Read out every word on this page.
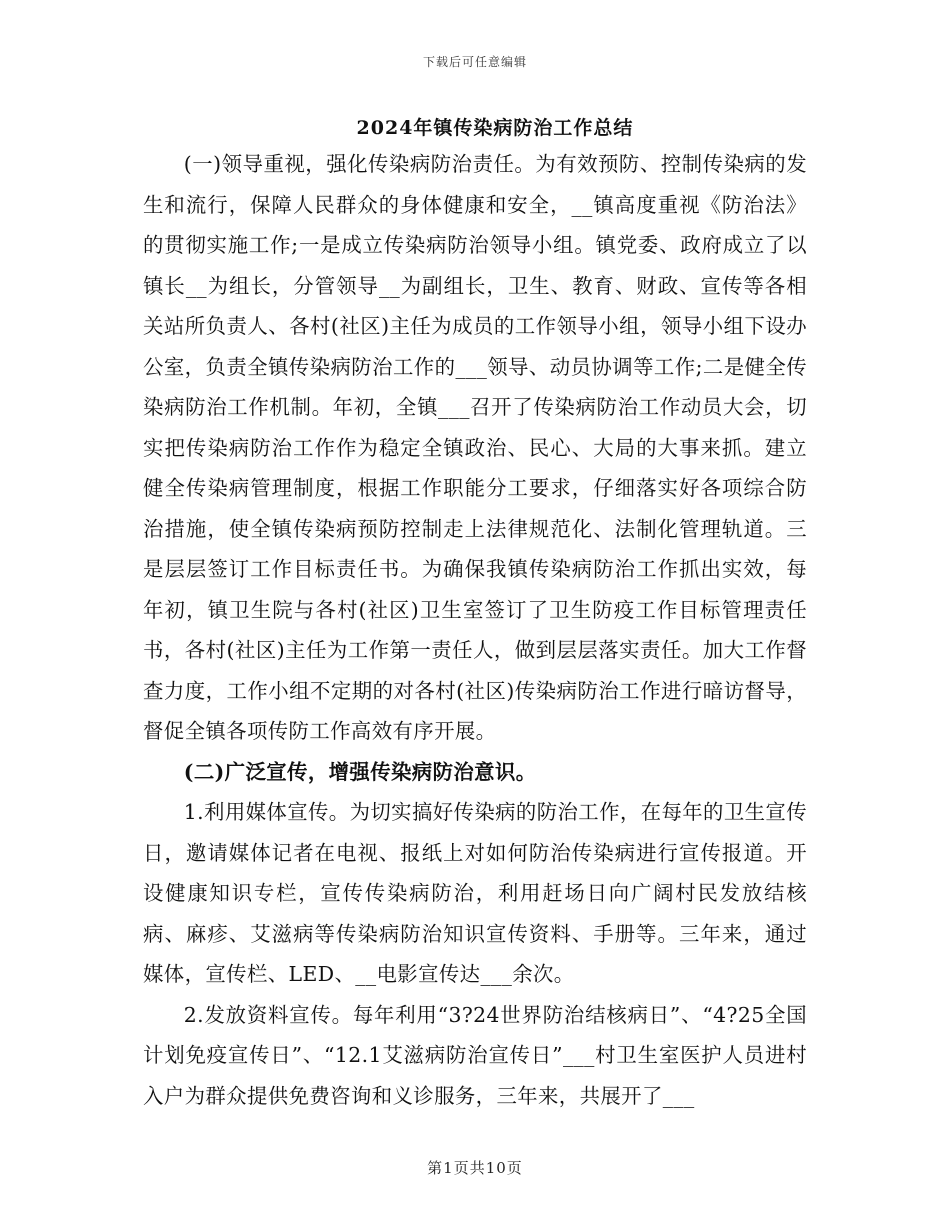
下载后可任意编辑
2024年镇传染病防治工作总结

(一)领导重视，强化传染病防治责任。为有效预防、控制传染病的发生和流行，保障人民群众的身体健康和安全，__镇高度重视《防治法》的贯彻实施工作;一是成立传染病防治领导小组。镇党委、政府成立了以镇长__为组长，分管领导__为副组长，卫生、教育、财政、宣传等各相关站所负责人、各村(社区)主任为成员的工作领导小组，领导小组下设办公室，负责全镇传染病防治工作的___领导、动员协调等工作;二是健全传染病防治工作机制。年初，全镇___召开了传染病防治工作动员大会，切实把传染病防治工作作为稳定全镇政治、民心、大局的大事来抓。建立健全传染病管理制度，根据工作职能分工要求，仔细落实好各项综合防治措施，使全镇传染病预防控制走上法律规范化、法制化管理轨道。三是层层签订工作目标责任书。为确保我镇传染病防治工作抓出实效，每年初，镇卫生院与各村(社区)卫生室签订了卫生防疫工作目标管理责任书，各村(社区)主任为工作第一责任人，做到层层落实责任。加大工作督查力度，工作小组不定期的对各村(社区)传染病防治工作进行暗访督导，督促全镇各项传防工作高效有序开展。

(二)广泛宣传，增强传染病防治意识。

1.利用媒体宣传。为切实搞好传染病的防治工作，在每年的卫生宣传日，邀请媒体记者在电视、报纸上对如何防治传染病进行宣传报道。开设健康知识专栏，宣传传染病防治，利用赶场日向广阔村民发放结核病、麻疹、艾滋病等传染病防治知识宣传资料、手册等。三年来，通过媒体，宣传栏、LED、__电影宣传达___余次。

2.发放资料宣传。每年利用“3?24世界防治结核病日”、“4?25全国计划免疫宣传日”、“12.1艾滋病防治宣传日”___村卫生室医护人员进村入户为群众提供免费咨询和义诊服务，三年来，共展开了___

第1页共10页
